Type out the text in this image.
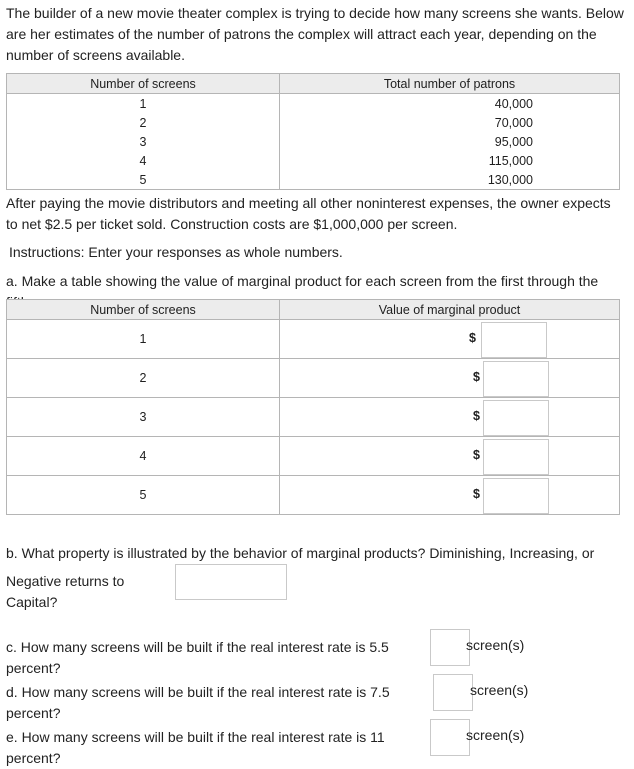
The builder of a new movie theater complex is trying to decide how many screens she wants. Below are her estimates of the number of patrons the complex will attract each year, depending on the number of screens available.
Number of screens	Total number of patrons
1	40,000
2	70,000
3	95,000
4	115,000
5	130,000
After paying the movie distributors and meeting all other noninterest expenses, the owner expects to net $2.5 per ticket sold. Construction costs are $1,000,000 per screen.
Instructions: Enter your responses as whole numbers.
a. Make a table showing the value of marginal product for each screen from the first through the
Number of screens	Value of marginal product
1	$

2	$

3	$

4	$

5	$
b. What property is illustrated by the behavior of marginal products? Diminishing, Increasing, or
Negative returns to Capital?
c. How many screens will be built if the real interest rate is 5.5 percent?
screen(s)
d. How many screens will be built if the real interest rate is 7.5 percent?
screen(s)
e. How many screens will be built if the real interest rate is 11 percent?
screen(s)
